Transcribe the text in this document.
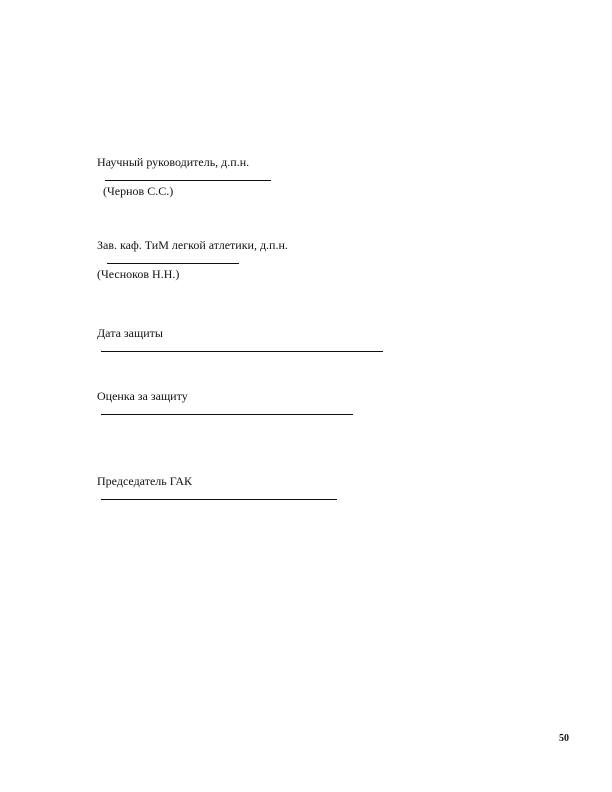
Научный руководитель, д.п.н.

(Чернов С.С.)

Зав. каф. ТиМ легкой атлетики, д.п.н.

(Чесноков Н.Н.)

Дата защиты

Оценка за защиту

Председатель ГАК

50
